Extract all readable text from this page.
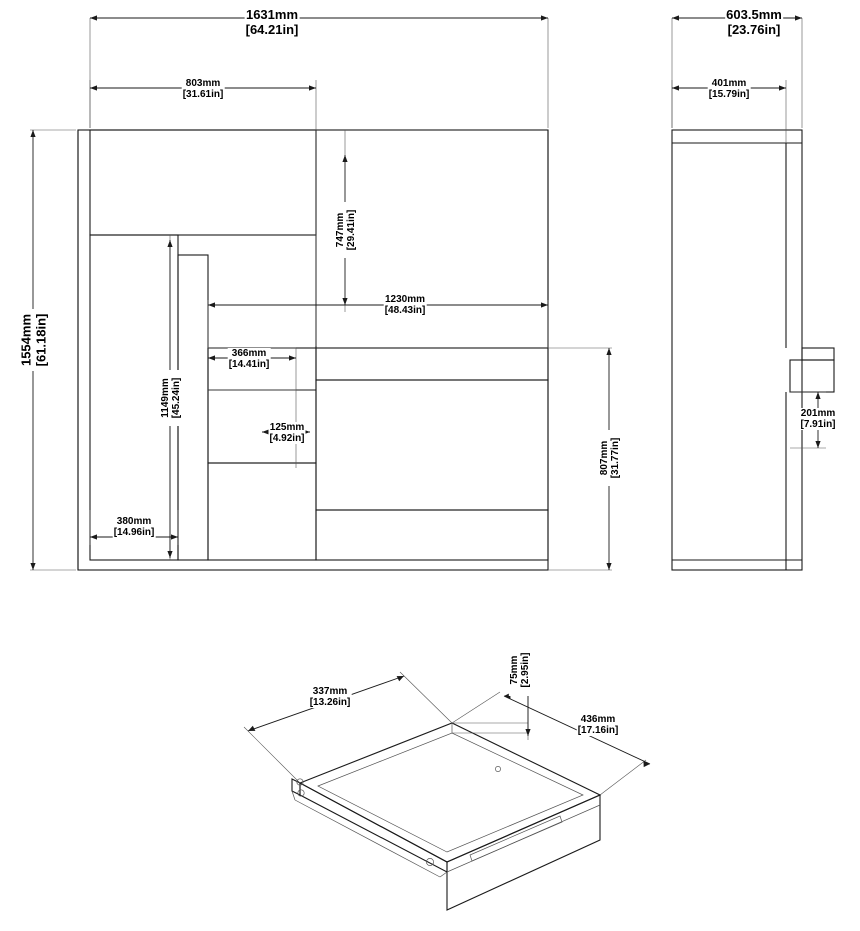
1631mm
[64.21in]
803mm
[31.61in]
1230mm
[48.43in]
366mm
[14.41in]
125mm
[4.92in]
380mm
[14.96in]
1554mm [61.18in]
747mm [29.41in]
1149mm [45.24in]
807mm [31.77in]
603.5mm
[23.76in]
401mm
[15.79in]
201mm
[7.91in]
337mm
[13.26in]
75mm [2.95in]
436mm
[17.16in]
